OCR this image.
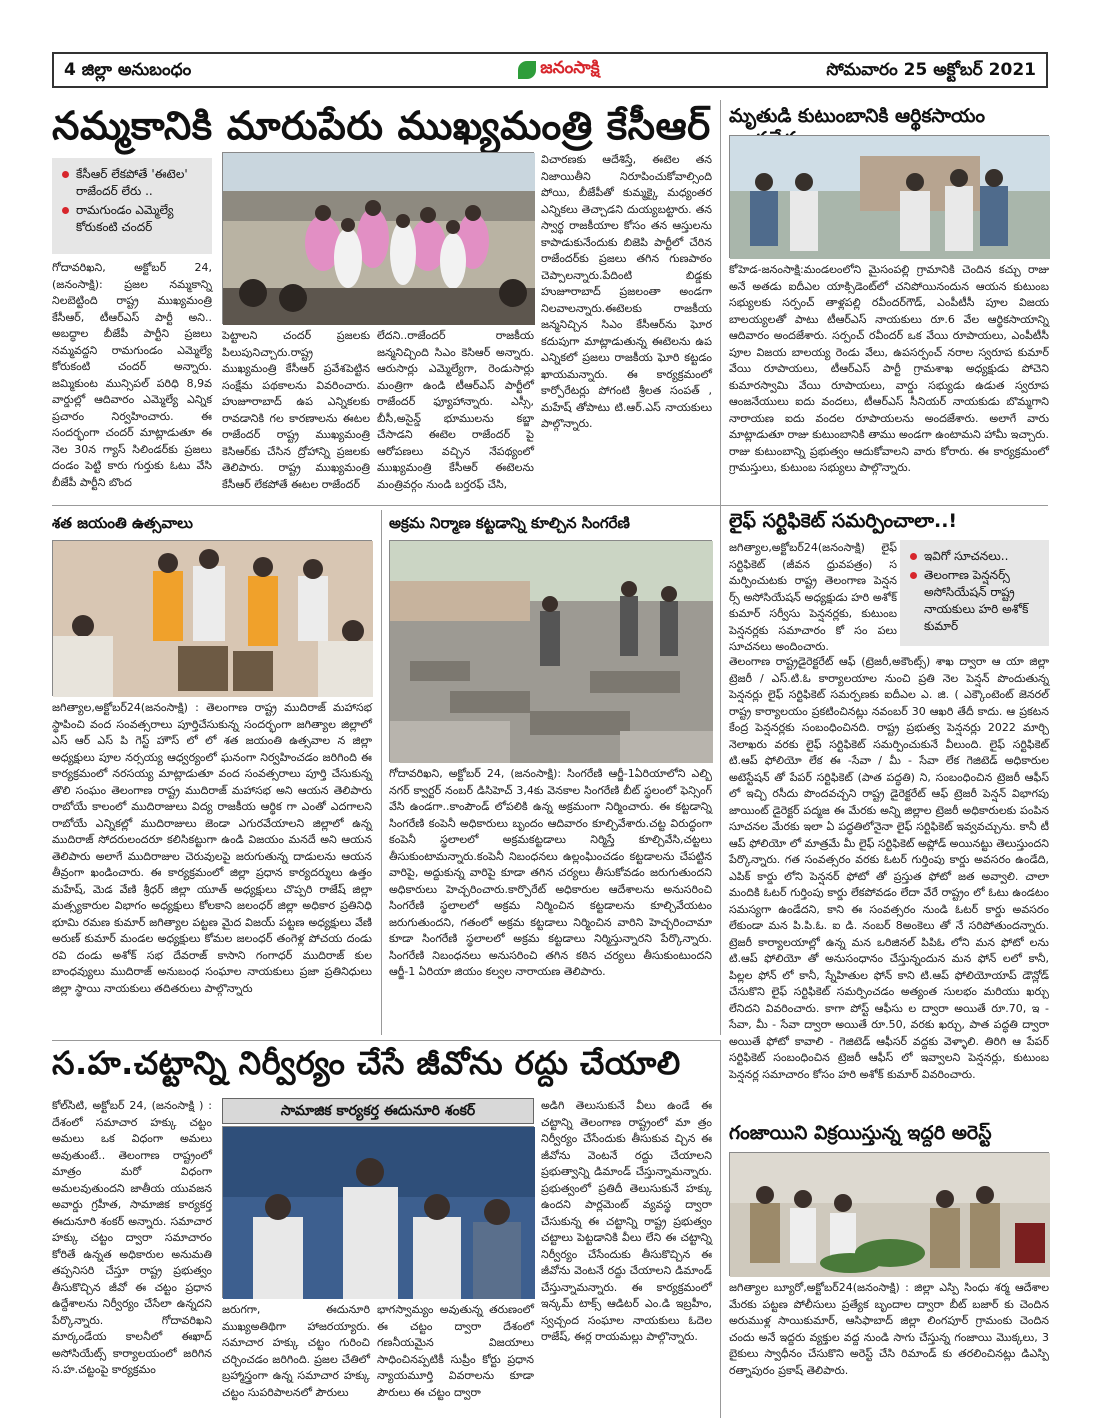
4 జిల్లా అనుబంధం	జనంసాక్షి	సోమవారం 25 అక్టోబర్ 2021
నమ్మకానికి మారుపేరు ముఖ్యమంత్రి కేసీఆర్
కేసీఆర్ లేకపోతే 'ఈటెల' రాజేందర్ లేరు ..
రామగుండం ఎమ్మెల్యే కోరుకంటి చందర్
గోదావరిఖని, అక్టోబర్ 24, (జనంసాక్షి): ప్రజల నమ్మకాన్ని నిలబెట్టింది రాష్ట్ర ముఖ్యమంత్రి కేసీఆర్, టీఆర్ఎస్ పార్టీ అని.. అబద్ధాల బీజేపీ పార్టీని ప్రజలు నమ్మవద్దని రామగుండం ఎమ్మెల్యే కోరుకంటి చందర్ అన్నారు. జమ్మికుంట మున్సిపల్ పరిధి 8,9వ వార్డుల్లో ఆదివారం ఎమ్మెల్యే ఎన్నిక ప్రచారం నిర్వహించారు. ఈ సందర్భంగా చందర్ మాట్లాడుతూ ఈ నెల 30న గ్యాస్ సిలిండర్‌కు ప్రజలు దండం పెట్టి కారు గుర్తుకు ఓటు వేసి బీజేపీ పార్టీని బొంద
పెట్టాలని చందర్ ప్రజలకు పిలుపునిచ్చారు.రాష్ట్ర ముఖ్యమంత్రి కేసీఆర్ ప్రవేశపెట్టిన సంక్షేమ పథకాలను వివరించారు. హుజూరాబాద్ ఉప ఎన్నికలకు రావడానికి గల కారణాలను ఈటల రాజేందర్ రాష్ట్ర ముఖ్యమంత్రి కెసిఆర్‌కు చేసిన ద్రోహాన్ని ప్రజలకు తెలిపారు. రాష్ట్ర ముఖ్యమంత్రి కేసీఆర్ లేకపోతే ఈటల రాజేందర్
లేదని..రాజేందర్ రాజకీయ జన్మనిచ్చింది సిఎం కెసిఆర్ అన్నారు. ఆరుసార్లు ఎమ్మెల్యేగా, రెండుసార్లు మంత్రిగా ఉండి టీఆర్ఎస్ పార్టీలో రాజేందర్ ఫ్యూహాన్నారు. ఎస్సీ, బీసీ,అసైన్డ్ భూములను కబ్జా చేసాడని ఈటెల రాజేందర్ పై ఆరోపణలు వచ్చిన నేపథ్యంలో ముఖ్యమంత్రి కేసీఆర్ ఈటెలను మంత్రివర్గం నుండి బర్తరఫ్ చేసి,
విచారణకు ఆదేశిస్తే, ఈటెల తన నిజాయితీని నిరూపించుకోవాల్సింది పోయి, బీజేపీతో కుమ్మక్కై మధ్యంతర ఎన్నికలు తెచ్చాడని దుయ్యబట్టారు. తన స్వార్థ రాజకీయాల కోసం తన ఆస్తులను కాపాడుకునేందుకు బిజెపి పార్టీలో చేరిన రాజేందర్‌కు ప్రజలు తగిన గుణపాఠం చెప్పాలన్నారు.పేదింటి బిడ్డకు హుజూరాబాద్ ప్రజలంతా అండగా నిలవాలన్నారు.ఈటెలకు రాజకీయ జన్మనిచ్చిన సిఎం కేసీఆర్‌ను ఘోర కదుపుగా మాట్లాడుతున్న ఈటెలను ఉప ఎన్నికలో ప్రజలు రాజకీయ ఘోరి కట్టడం ఖాయమన్నారు. ఈ కార్యక్రమంలో కార్పోరేటర్లు పోగంటి శ్రీలత సంపత్ , మహేష్ తోపాటు టి.ఆర్.ఎస్ నాయకులు పాల్గొన్నారు.
మృతుడి కుటుంబానికి ఆర్థికసాయం
కోహెడ-జనంసాక్షి:మండలంలోని మైసంపల్లి గ్రామానికి చెందిన కచ్చు రాజు అనే అతడు ఐదీఎల యాక్సిడెంట్‌లో చనిపోయినందున ఆయన కుటుంబ సభ్యులకు సర్పంచ్ తాళ్లపల్లి రవీందర్‌గౌడ్, ఎంపీటీసీ పూల విజయ బాలయ్యలతో పాటు టీఆర్ఎస్ నాయకులు రూ.6 వేల ఆర్థికసాయాన్ని ఆదివారం అందజేశారు. సర్పంచ్ రవీందర్ ఒక వేయి రూపాయలు, ఎంపీటీసీ పూల విజయ బాలయ్య రెండు వేలు, ఉపసర్పంచ్ నరాల స్వరూప కుమార్ వేయి రూపాయలు, టీఆర్ఎస్ పార్టీ గ్రామశాఖ అధ్యక్షుడు పోచెని కుమారస్వామి వేయి రూపాయలు, వార్డు సభ్యుడు ఉడుత స్వరూప ఆంజనేయులు ఐదు వందలు, టీఆర్ఎస్ సీనియర్ నాయకుడు బొమ్మగాని నారాయణ ఐదు వందల రూపాయలను అందజేశారు. అలాగే వారు మాట్లాడుతూ రాజు కుటుంబానికి తాము అండగా ఉంటామని హామీ ఇచ్చారు. రాజు కుటుంబాన్ని ప్రభుత్వం ఆదుకోవాలని వారు కోరారు. ఈ కార్యక్రమంలో గ్రామస్తులు, కుటుంబ సభ్యులు పాల్గొన్నారు.
శత జయంతి ఉత్సవాలు
జగిత్యాల,అక్టోబర్24(జనంసాక్షి) : తెలంగాణ రాష్ట్ర ముదిరాజ్ మహాసభ స్థాపించి వంద సంవత్సరాలు పూర్తిచేసుకున్న సందర్భంగా జగిత్యాల జిల్లాలో ఎస్ ఆర్ ఎస్ పి గెస్ట్ హౌస్ లో లో శత జయంతి ఉత్సవాల న జిల్లా అధ్యక్షులు పూల నర్సయ్య ఆధ్వర్యంలో ఘనంగా నిర్వహించడం జరిగింది ఈ కార్యక్రమంలో నరసయ్య మాట్లాడుతూ వంద సంవత్సరాలు పూర్తి చేసుకున్న తొలి సంఘం తెలంగాణ రాష్ట్ర ముదిరాజ్ మహాసభ అని ఆయన తెలిపారు రాబోయే కాలంలో ముదిరాజులు విద్య రాజకీయ ఆర్థిక గా ఎంతో ఎదగాలని రాబోయే ఎన్నికల్లో ముదిరాజులు జెండా ఎగురవేయాలని జిల్లాలో ఉన్న ముదిరాజ్ సోదరులందరూ కలిసికట్టుగా ఉండి విజయం మనదే అని ఆయన తెలిపారు అలాగే ముదిరాజుల చెరువులపై జరుగుతున్న దాడులను ఆయన తీవ్రంగా ఖండించారు. ఈ కార్యక్రమంలో జిల్లా ప్రధాన కార్యదర్శులు ఉత్తం మహేష్, మెడ వేణి శ్రీధర్ జిల్లా యూత్ అధ్యక్షులు చొప్పరి రాజేష్ జిల్లా మత్స్యకారుల విభాగం అధ్యక్షులు కోలకాని జలంధర్ జిల్లా అధికార ప్రతినిధి భూమి రమణ కుమార్ జగిత్యాల పట్టణ మైద విజయ్ పట్టణ అధ్యక్షులు వేణి అరుణ్ కుమార్ మండల అధ్యక్షులు కోమల జలంధర్ తంగెళ్ల పోచయ దండు రవి దండు అశోక్ సభ దేవరాజ్ కాసాని గంగాధర్ ముదిరాజ్ కుల బాంధవ్యులు ముదిరాజ్ అనుబంధ సంఘాల నాయకులు ప్రజా ప్రతినిధులు జిల్లా స్థాయి నాయకులు తదితరులు పాల్గొన్నారు
అక్రమ నిర్మాణ కట్టడాన్ని కూల్చిన సింగరేణి
గోదావరిఖని, అక్టోబర్ 24, (జనంసాక్షి): సింగరేణి ఆర్జీ-1ఏరియాలోని ఎల్బి నగర్ క్వార్టర్ నంబర్ డిసిహెచ్ 3,4కు వెనకాల సింగరేణి బీట్ స్థలంలో ఫెన్సింగ్ వేసి ఉండగా..కాంపౌండ్ లోపలికి ఉన్న అక్రమంగా నిర్మించారు. ఈ కట్టడాన్ని సింగరేణి కంపెనీ అధికారులు బృందం ఆదివారం కూల్చివేశారు.చట్ట విరుద్ధంగా కంపెనీ స్థలాలలో అక్రమకట్టడాలు నిర్మిస్తే కూల్చివేసి,చట్టలు తీసుకుంటామన్నారు.కంపెనీ నిబంధనలు ఉల్లంఘించడం కట్టడాలను చేపట్టిన వారిపై, అద్దుకున్న వారిపై కూడా తగిన చర్యలు తీసుకోవడం జరుగుతుందని అధికారులు హెచ్చరించారు.కార్పొరేట్ అధికారుల ఆదేశాలను అనుసరించి సింగరేణి స్థలాలలో అక్రమ నిర్మించిన కట్టడాలను కూల్చివేయటం జరుగుతుందని, గతంలో అక్రమ కట్టడాలు నిర్మించిన వారిని హెచ్చరించామా కూడా సింగరేణి స్థలాలలో అక్రమ కట్టడాలు నిర్మిస్తున్నారని పేర్కొన్నారు. సింగరేణి నిబంధనలు అనుసరించి తగిన కఠిన చర్యలు తీసుకుంటుందని ఆర్జీ-1 ఏరియా జియం కల్వల నారాయణ తెలిపారు.
లైఫ్ సర్టిఫికెట్ సమర్పించాలా..!
జగిత్యాల,అక్టోబర్24(జనంసాక్షి) లైఫ్ సర్టిఫికెట్ (జీవన ధ్రువపత్రం) స మర్పించుటకు రాష్ట్ర తెలంగాణ పెన్షన ర్స్ అసోసియేషన్ అధ్యక్షుడు హరి అశోక్ కుమార్ సర్వీసు పెన్షనర్లకు, కుటుంబ పెన్షనర్లకు సమాచారం కో సం పలు సూచనలు అందించారు.
ఇవిగో సూచనలు..
తెలంగాణ పెన్షనర్స్ అసోసియేషన్ రాష్ట్ర నాయకులు హరి అశోక్ కుమార్
తెలంగాణ రాష్ట్రడైరెక్టరేట్ ఆఫ్ (ట్రెజరీ,అకౌంట్స్) శాఖ ద్వారా ఆ యా జిల్లా ట్రెజరీ / ఎస్.టి.ఓ కార్యాలయాల నుంచి ప్రతి నెల పెన్షన్ పొందుతున్న పెన్షనర్లు లైఫ్ సర్టిఫికెట్ సమర్పణకు ఐదీఎల ఎ. జి. ( ఎక్కౌంటెంట్ జెనరల్ రాష్ట్ర కార్యాలయం ప్రకటించినట్లు నవంబర్ 30 ఆఖరి తేదీ కాదు. ఆ ప్రకటన కేంద్ర పెన్షనర్లకు సంబంధించినది. రాష్ట్ర ప్రభుత్వ పెన్షనర్లు 2022 మార్చి నెలాఖరు వరకు లైఫ్ సర్టిఫికెట్ సమర్పించుకునే వీలుంది. లైఫ్ సర్టిఫికెట్ టి.ఆప్ ఫోలియో లేక ఈ -సేవా / మీ - సేవా లేక గెజిటెడ్ అధికారుల అటెస్టేషన్ తో పేపర్ సర్టిఫికెట్ (పాత పద్ధతి) ని, సంబంధించిన ట్రెజరీ ఆఫీస్ లో ఇచ్చి రసీదు పొందవచ్చని రాష్ట్ర డైరెక్టరేట్ ఆఫ్ ట్రెజరీ పెన్షన్ విభాగపు జాయింట్ డైరెక్టర్ పద్మజ ఈ మేరకు అన్ని జిల్లాల ట్రెజరీ అధికారులకు పంపిన సూచనల మేరకు ఇలా ఏ పద్ధతిలోనైనా లైఫ్ సర్టిఫికెట్ ఇవ్వవచ్చును. కానీ టీ ఆప్ ఫోలియో లో మాత్రమే మీ లైఫ్ సర్టిఫికెట్ అప్లోడ్ అయినట్టు తెలుస్తుందని పేర్కొన్నారు. గత సంవత్సరం వరకు ఓటర్ గుర్తింపు కార్డు అవసరం ఉండేది, ఎపిక్ కార్డు లోని పెన్షనర్ ఫోటో తో ప్రస్తుత ఫోటో జత అవ్వాలి. చాలా మందికి ఓటర్ గుర్తింపు కార్డు లేకపోవడం లేదా వేరే రాష్ట్రం లో ఓటు ఉండటం సమస్యగా ఉండేదని, కాని ఈ సంవత్సరం నుండి ఓటర్ కార్డు అవసరం లేకుండా మన పి.పి.ఓ. ఐ డి. నంబర్ 8అంకెలు తో నే సరిపోతుందన్నారు. ట్రెజరీ కార్యాలయాల్లో ఉన్న మన ఒరిజినల్ పిపిఓ లోని మన ఫోటో లను టి.ఆప్ ఫోలియో తో అనుసంధానం చేస్తున్నందున మన ఫోన్ లలో కానీ, పిల్లల ఫోన్ లో కానీ, స్నేహితుల ఫోన్ కాని టి.ఆప్ ఫోలియోయాప్ డౌన్లోడ్ చేసుకొని లైఫ్ సర్టిఫికెట్ సమర్పించడం అత్యంత సులభం మరియు ఖర్చు లేనిదని వివరించారు. కాగా పోస్ట్ ఆఫీసు ల ద్వారా అయితే రూ.70, ఇ - సేవా, మీ - సేవా ద్వారా అయితే రూ.50, వరకు ఖర్చు, పాత పద్ధతి ద్వారా అయితే ఫోటో కావాలి - గెజిటెడ్ ఆఫీసర్ వద్దకు వెళ్ళాలి. తిరిగి ఆ పేపర్ సర్టిఫికెట్ సంబంధించిన ట్రెజరీ ఆఫీస్ లో ఇవ్వాలని పెన్షనర్లు, కుటుంబ పెన్షనర్ల సమాచారం కోసం హరి అశోక్ కుమార్ వివరించారు.
స.హ.చట్టాన్ని నిర్వీర్యం చేసే జీవోను రద్దు చేయాలి
కోల్‌సిటి, అక్టోబర్ 24, (జనంసాక్షి ) : దేశంలో సమాచార హక్కు చట్టం అమలు ఒక విధంగా అమలు అవుతుంటే.. తెలంగాణ రాష్ట్రంలో మాత్రం మరో విధంగా అమలవుతుందని జాతీయ యువజన అవార్డు గ్రహీత, సామాజిక కార్యకర్త ఈదునూరి శంకర్ అన్నారు. సమాచార హక్కు చట్టం ద్వారా సమాచారం కోరితే ఉన్నత అధికారుల అనుమతి తప్పనిసరి చేస్తూ రాష్ట్ర ప్రభుత్వం తీసుకొచ్చిన జీవో ఈ చట్టం ప్రధాన ఉద్దేశాలను నిర్వీర్యం చేసేలా ఉన్నదని పేర్కొన్నారు. గోదావరిఖని మార్కండేయ కాలనీలో ఈఖాద్ అసోసియేట్స్ కార్యాలయంలో జరిగిన స.హ.చట్టంపై కార్యక్రమం
సామాజిక కార్యకర్త ఈదునూరి శంకర్
జరుగగా, ఈదునూరి ముఖ్యఅతిథిగా హాజరయ్యారు. సమాచార హక్కు చట్టం గురించి చర్చించడం జరిగింది. ప్రజల చేతిలో బ్రహ్మాస్త్రంగా ఉన్న సమాచార హక్కు చట్టం సుపరిపాలనలో పౌరులు
భాగస్వామ్యం అవుతున్న తరుణంలో ఈ చట్టం ద్వారా దేశంలో గణనీయమైన విజయాలు సాధించినప్పటికీ సుప్రీం కోర్టు ప్రధాన న్యాయమూర్తి వివరాలను కూడా పౌరులు ఈ చట్టం ద్వారా
అడిగి తెలుసుకునే వీలు ఉండే ఈ చట్టాన్ని తెలంగాణ రాష్ట్రంలో మా త్రం నిర్వీర్యం చేసేందుకు తీసుకువ చ్చిన ఈ జీవోను వెంటనే రద్దు చేయాలని ప్రభుత్వాన్ని డిమాండ్ చేస్తున్నామన్నారు. ప్రభుత్వంలో ప్రతిదీ తెలుసుకునే హక్కు ఉందని పార్లమెంట్ వ్యవస్థ ద్వారా చేసుకున్న ఈ చట్టాన్ని రాష్ట్ర ప్రభుత్వం చట్టాలు పెట్టడానికి వీలు లేని ఈ చట్టాన్ని నిర్వీర్యం చేసేందుకు తీసుకొచ్చిన ఈ జీవోను వెంటనే రద్దు చేయాలని డిమాండ్ చేస్తున్నామన్నారు. ఈ కార్యక్రమంలో ఇన్కమ్ టాక్స్ ఆడిటర్ ఎం.డి ఇబ్రహీం, స్వచ్చంద సంఘాల నాయకులు ఓదెల రాజేష్, ఈర్ల రాయమల్లు పాల్గొన్నారు.
గంజాయిని విక్రయిస్తున్న ఇద్దరి అరెస్ట్
జగిత్యాల బ్యూరో,అక్టోబర్24(జనంసాక్షి) : జిల్లా ఎస్పి సింధు శర్మ ఆదేశాల మేరకు పట్టణ పోలీసులు ప్రత్యేక బృందాల ద్వారా బీట్ బజార్ కు చెందిన అరుముళ్ల సాయికుమార్, ఆసిఫాబాద్ జిల్లా లింగపూర్ గ్రామంకు చెందిన చందు అనే ఇద్దరు వ్యక్తుల వద్ద నుండి సాగు చేస్తున్న గంజాయి మొక్కలు, 3 బైకులు స్వాధీనం చేసుకొని అరెస్ట్ చేసి రిమాండ్ కు తరలించినట్లు డిఎస్పి రత్నాపురం ప్రకాష్ తెలిపారు.
